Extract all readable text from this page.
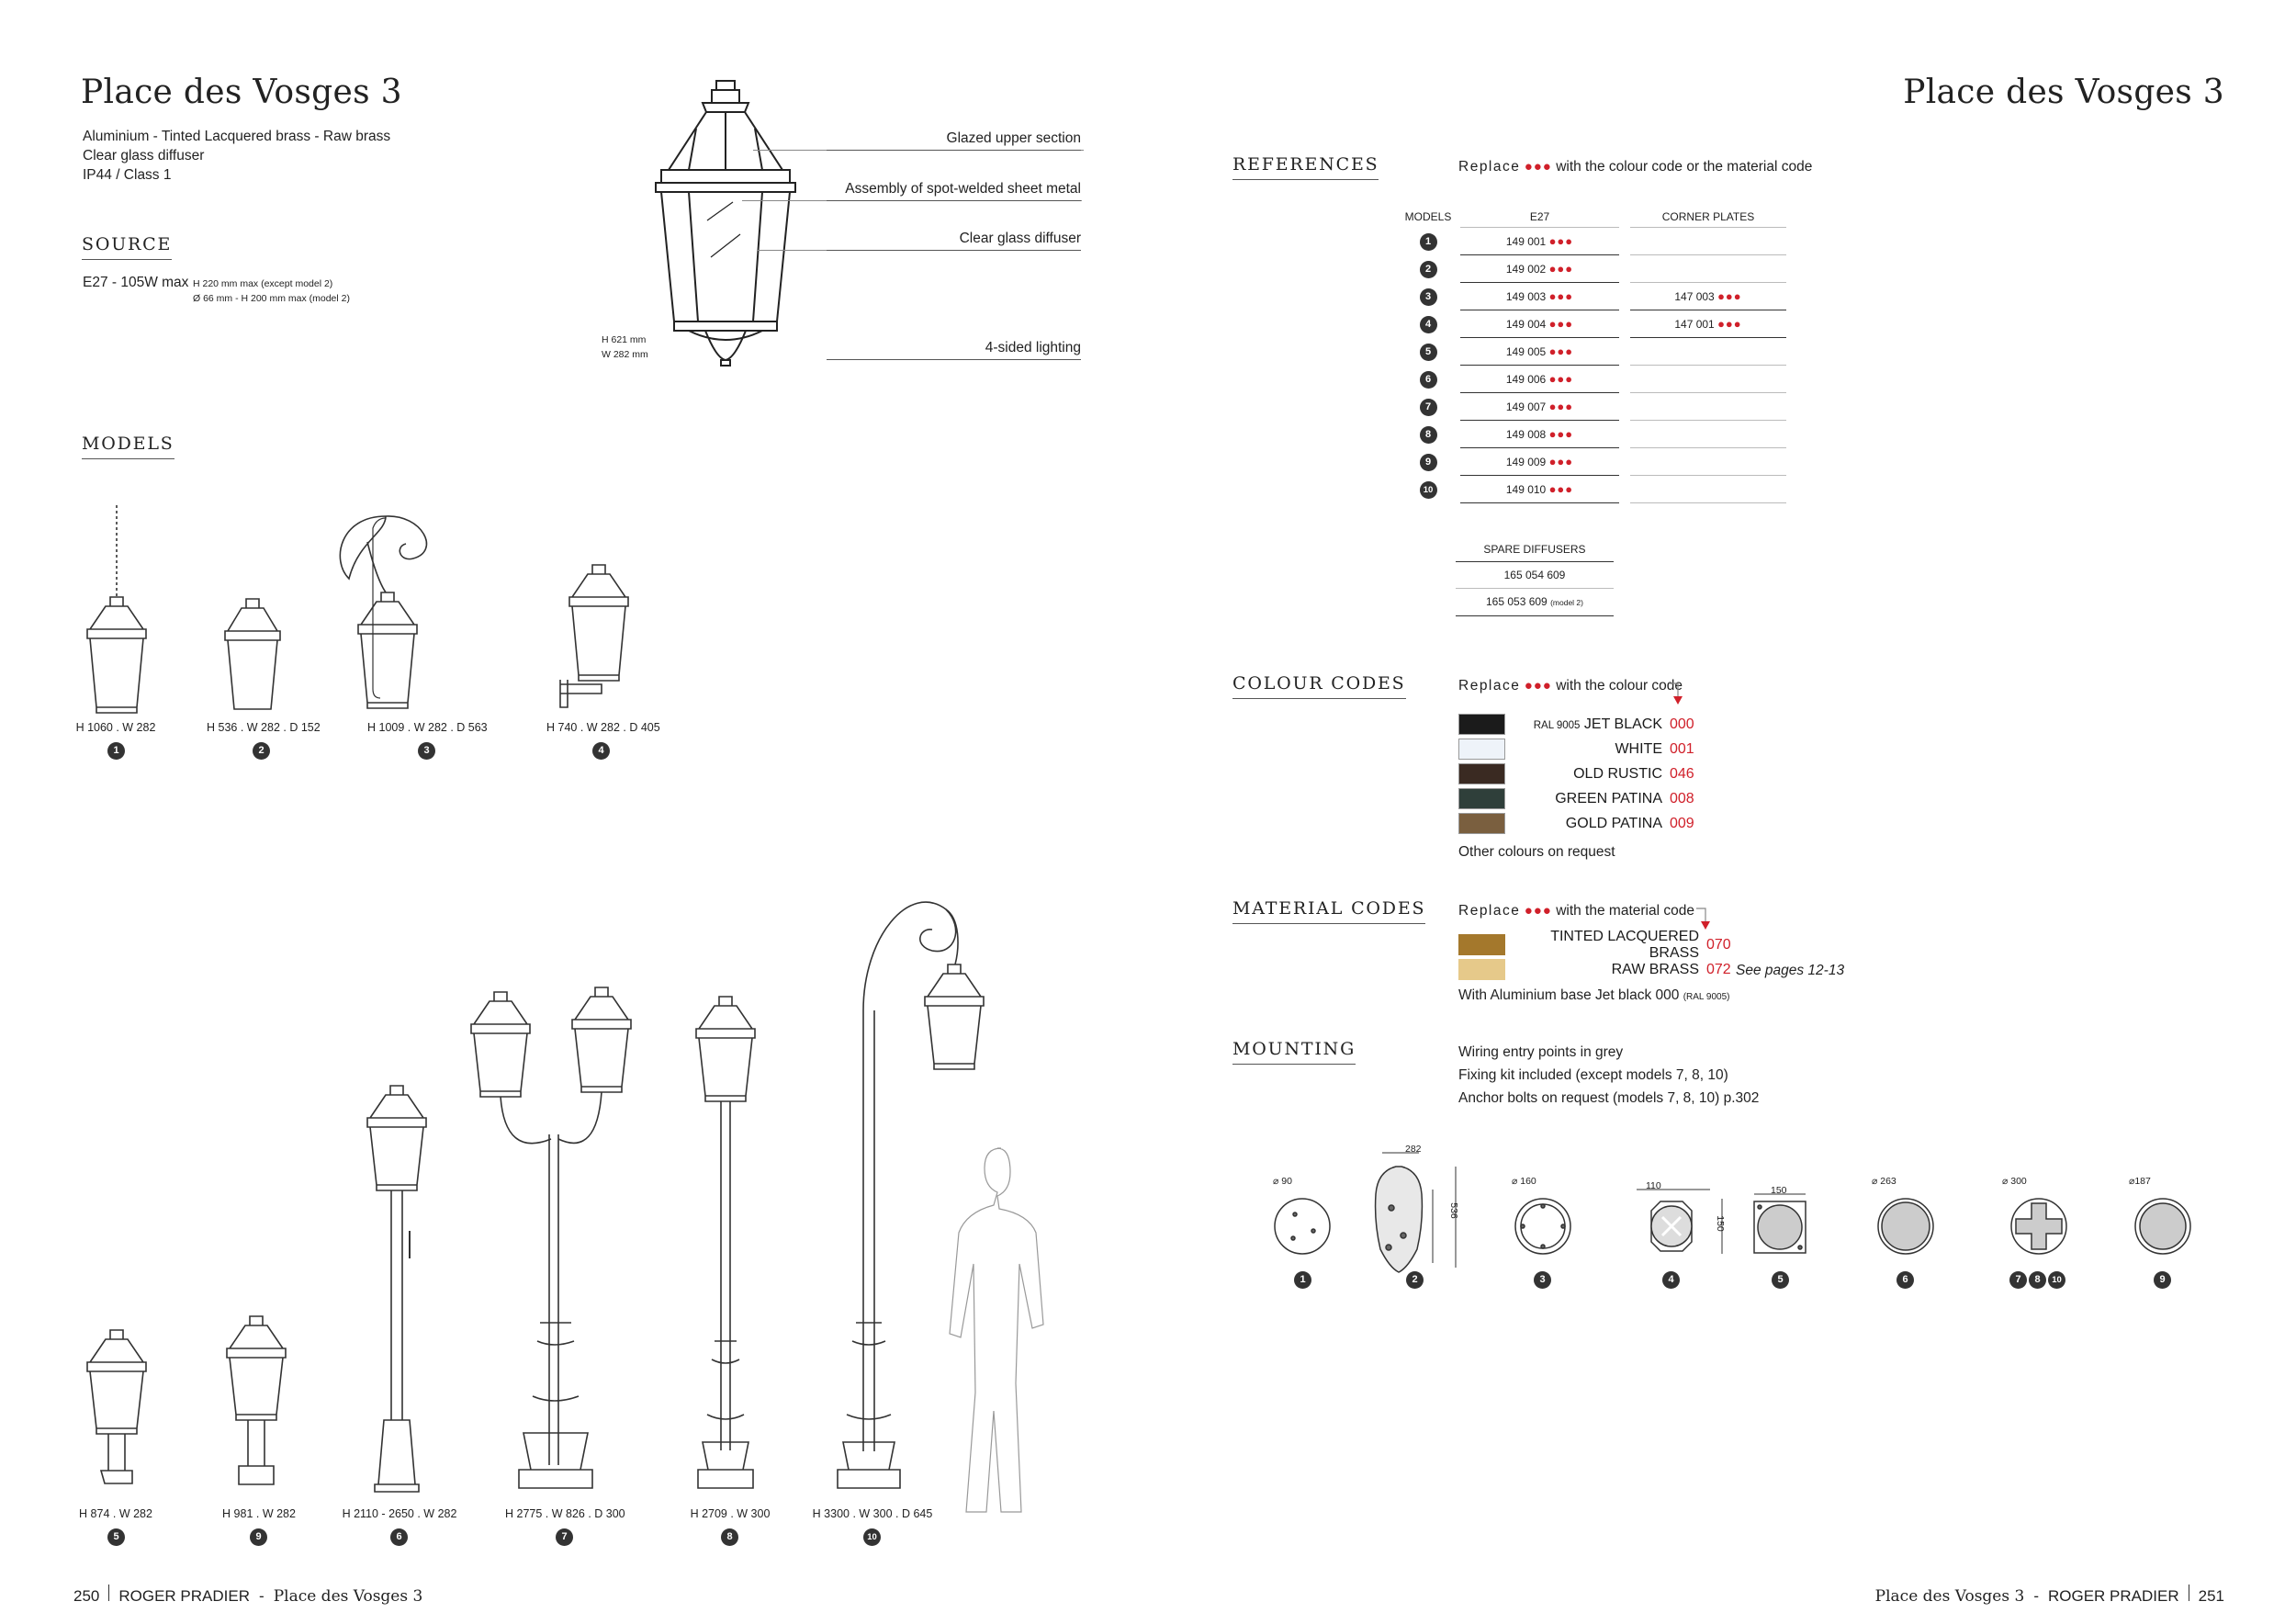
Place des Vosges 3
Aluminium - Tinted Lacquered brass - Raw brass
Clear glass diffuser
IP44 / Class 1
SOURCE
E27 - 105W max H 220 mm max (except model 2)
Ø 66 mm - H 200 mm max (model 2)
H 621 mm
W 282 mm
Glazed upper section
Assembly of spot-welded sheet metal
Clear glass diffuser
4-sided lighting
MODELS
H 1060 . W 282	H 536 . W 282 . D 152	H 1009 . W 282 . D 563	H 740 . W 282 . D 405
1	2	3	4
H 874 . W 282	H 981 . W 282	H 2110 - 2650 . W 282	H 2775 . W 826 . D 300	H 2709 . W 300	H 3300 . W 300 . D 645
5	9	6	7	8	10
250 ROGER PRADIER - Place des Vosges 3
Place des Vosges 3
REFERENCES	Replace ●●● with the colour code or the material code
MODELS	E27	CORNER PLATES
1	149 001 ●●●
2	149 002 ●●●
3	149 003 ●●●	147 003 ●●●
4	149 004 ●●●	147 001 ●●●
5	149 005 ●●●
6	149 006 ●●●
7	149 007 ●●●
8	149 008 ●●●
9	149 009 ●●●
10	149 010 ●●●
SPARE DIFFUSERS
165 054 609
165 053 609 (model 2)
COLOUR CODES	Replace ●●● with the colour code
RAL 9005 JET BLACK 000
WHITE 001
OLD RUSTIC 046
GREEN PATINA 008
GOLD PATINA 009
Other colours on request
MATERIAL CODES Replace ●●● with the material code
TINTED LACQUERED BRASS
070
RAW BRASS 072 See pages 12-13
With Aluminium base Jet black 000 (RAL 9005)
MOUNTING	Wiring entry points in grey
Fixing kit included (except models 7, 8, 10)
Anchor bolts on request (models 7, 8, 10) p.302
⌀ 90
282
536
⌀ 160	110
150
150
⌀ 263	⌀ 300	⌀187
1	2	3	4	5	6	7	8	10	9
Place des Vosges 3 - ROGER PRADIER 251
